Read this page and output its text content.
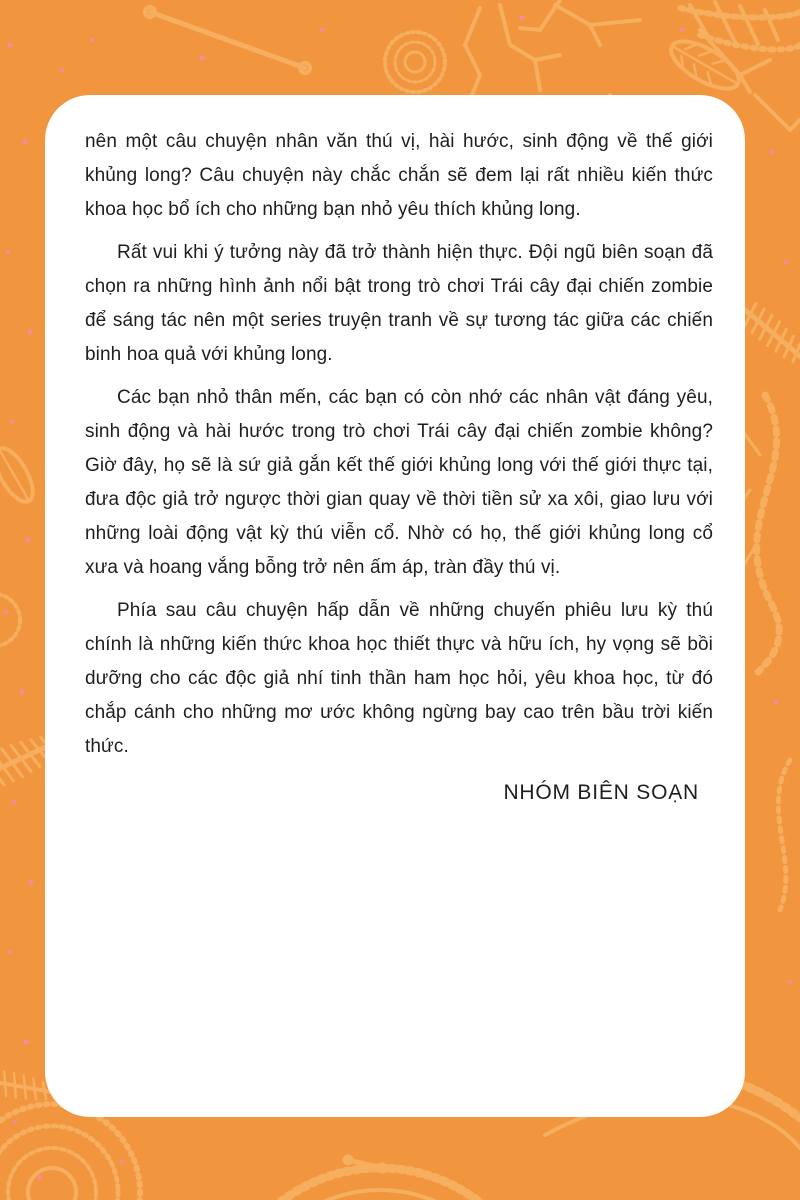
nên một câu chuyện nhân văn thú vị, hài hước, sinh động về thế giới khủng long? Câu chuyện này chắc chắn sẽ đem lại rất nhiều kiến thức khoa học bổ ích cho những bạn nhỏ yêu thích khủng long.

Rất vui khi ý tưởng này đã trở thành hiện thực. Đội ngũ biên soạn đã chọn ra những hình ảnh nổi bật trong trò chơi Trái cây đại chiến zombie để sáng tác nên một series truyện tranh về sự tương tác giữa các chiến binh hoa quả với khủng long.

Các bạn nhỏ thân mến, các bạn có còn nhớ các nhân vật đáng yêu, sinh động và hài hước trong trò chơi Trái cây đại chiến zombie không? Giờ đây, họ sẽ là sứ giả gắn kết thế giới khủng long với thế giới thực tại, đưa độc giả trở ngược thời gian quay về thời tiền sử xa xôi, giao lưu với những loài động vật kỳ thú viễn cổ. Nhờ có họ, thế giới khủng long cổ xưa và hoang vắng bỗng trở nên ấm áp, tràn đầy thú vị.

Phía sau câu chuyện hấp dẫn về những chuyến phiêu lưu kỳ thú chính là những kiến thức khoa học thiết thực và hữu ích, hy vọng sẽ bồi dưỡng cho các độc giả nhí tinh thần ham học hỏi, yêu khoa học, từ đó chắp cánh cho những mơ ước không ngừng bay cao trên bầu trời kiến thức.

NHÓM BIÊN SOẠN
